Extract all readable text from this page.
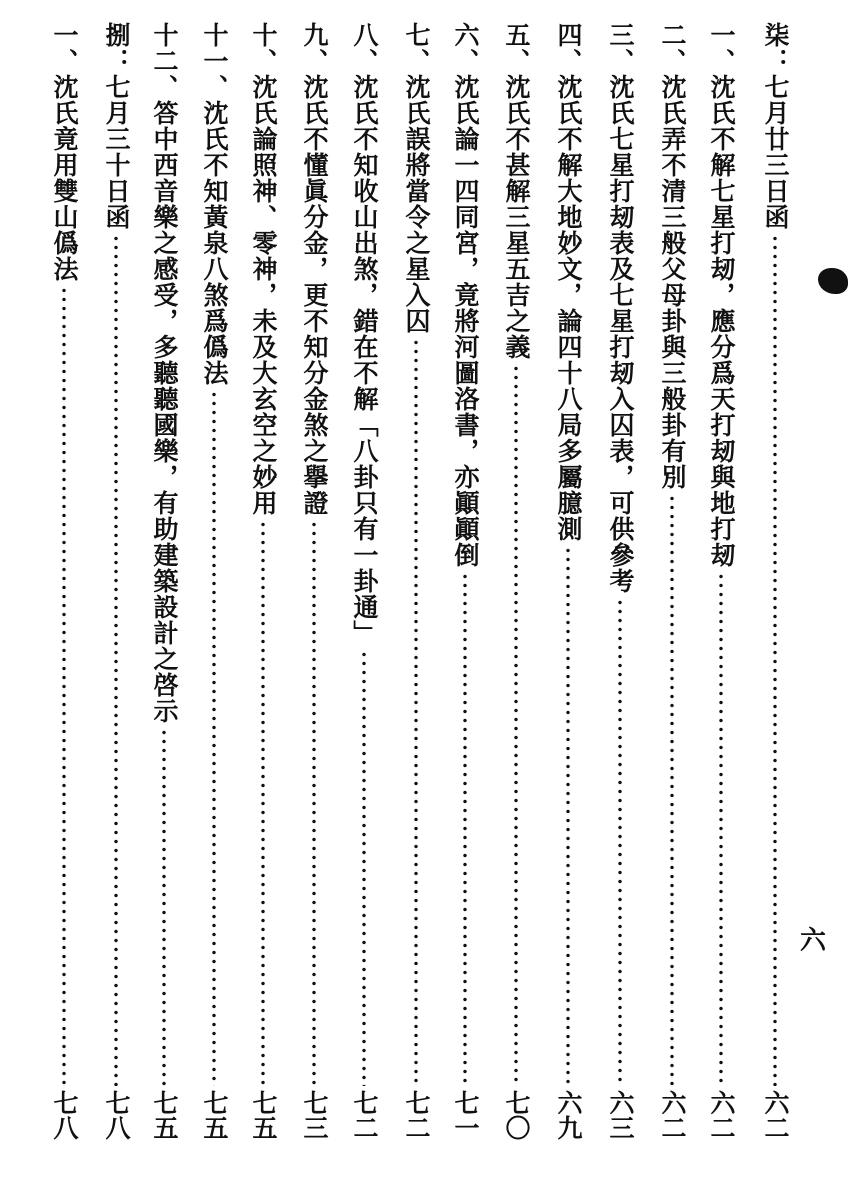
柒：七月廿三日函
六二
一、沈氏不解七星打刼，應分爲天打刼與地打刼
六二
二、沈氏弄不清三般父母卦與三般卦有別
六二
三、沈氏七星打刼表及七星打刼入囚表，可供參考
六三
四、沈氏不解大地妙文，論四十八局多屬臆測
六九
五、沈氏不甚解三星五吉之義
七〇
六、沈氏論一四同宮，竟將河圖洛書，亦顚顚倒
七一
七、沈氏誤將當令之星入囚
七二
八、沈氏不知收山出煞，錯在不解「八卦只有一卦通」
七二
九、沈氏不懂眞分金，更不知分金煞之擧證
七三
十、沈氏論照神、零神，未及大玄空之妙用
七五
十一、沈氏不知黃泉八煞爲僞法
七五
十二、答中西音樂之感受，多聽聽國樂，有助建築設計之啓示
七五
捌：七月三十日函
七八
一、沈氏竟用雙山僞法
七八
六
